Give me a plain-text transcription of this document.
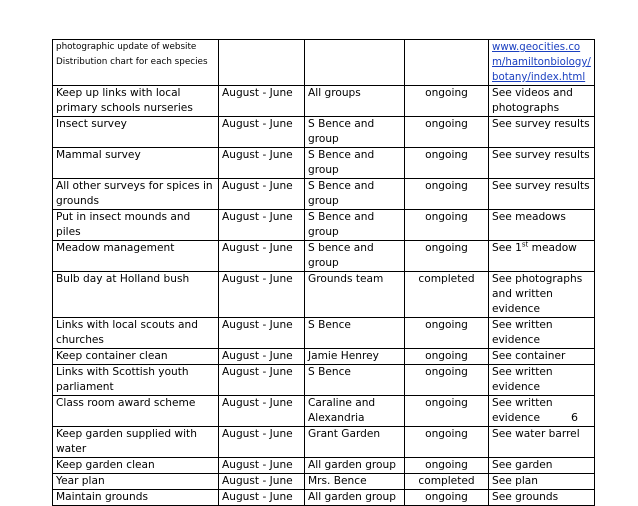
photographic update of website
Distribution chart for each species				www.geocities.com/hamiltonbiology/botany/index.html
Keep up links with local primary schools nurseries	August - June	All groups	ongoing	See videos and photographs
Insect survey	August - June	S Bence and group	ongoing	See survey results
Mammal survey	August - June	S Bence and group	ongoing	See survey results
All other surveys for spices in grounds	August - June	S Bence and group	ongoing	See survey results
Put in insect mounds and piles	August - June	S Bence and group	ongoing	See meadows
Meadow management	August - June	S bence and group	ongoing	See 1st meadow
Bulb day at Holland bush	August - June	Grounds team	completed	See photographs and written evidence
Links with local scouts and churches	August - June	S Bence	ongoing	See written evidence
Keep container clean	August - June	Jamie Henrey	ongoing	See container
Links with Scottish youth parliament	August - June	S Bence	ongoing	See written evidence
Class room award scheme	August - June	Caraline and Alexandria	ongoing	See written evidence
Keep garden supplied with water	August - June	Grant Garden	ongoing	See water barrel
Keep garden clean	August - June	All garden group	ongoing	See garden
Year plan	August - June	Mrs. Bence	completed	See plan
Maintain grounds	August - June	All garden group	ongoing	See grounds
6
